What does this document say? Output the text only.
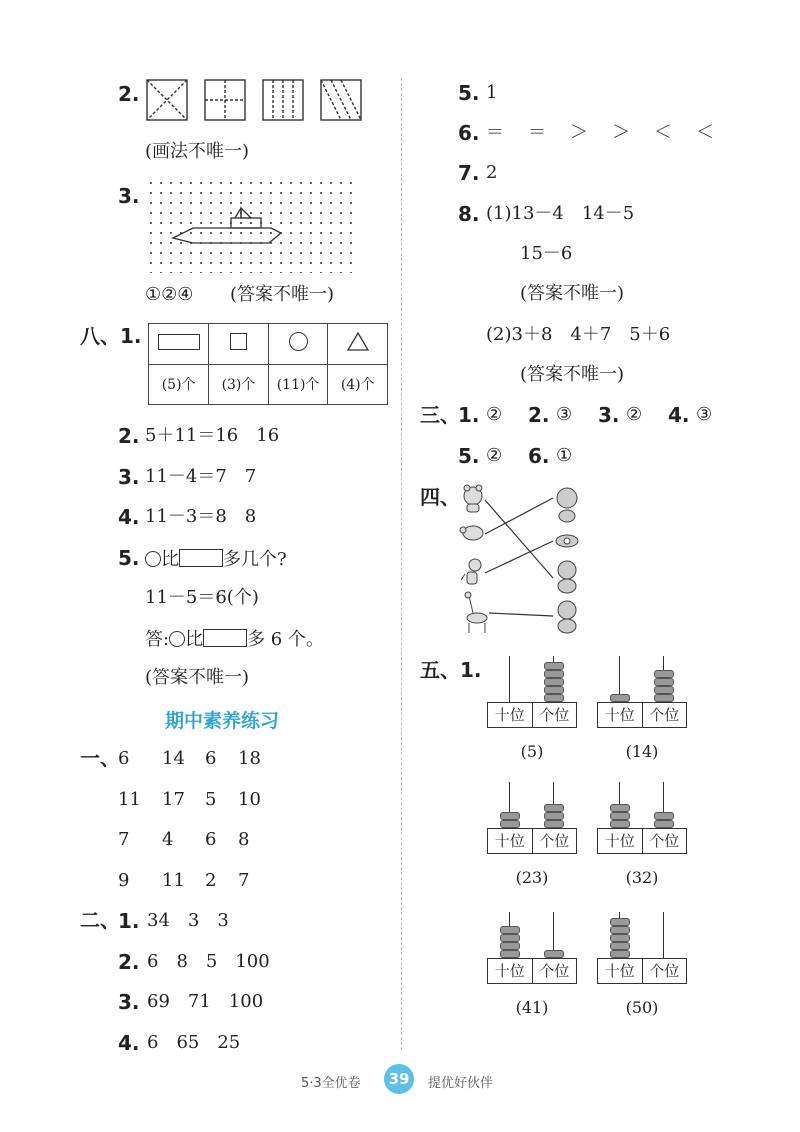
2.
(画法不唯一)
3.
①②④ (答案不唯一)
八、1.

(5)个	(3)个	(11)个	(4)个
2. 5＋11＝16　16
3. 11－4＝7　7
4. 11－3＝8　8
5.	比 多几个?
11－5＝6(个)
答: 比 多 6 个。
(答案不唯一)
期中素养练习
一、
6 14 6 18
11 17 5 10
7 4 6 8
9 11 2 7
二、
1. 34　3　3
2. 6　8　5　100
3. 69　71　100
4. 6　65　25
5. 1
6. ＝　＝　＞　＞　＜　＜
7. 2
8. (1)13－4　14－5
15－6
(答案不唯一)
(2)3＋8　4＋7　5＋6
(答案不唯一)
三、
1. ② 2. ③ 3. ② 4. ③
5. ② 6. ①
四、
五、1.
十位 个位
(5)
十位 个位
(14)
十位 个位
(23)
十位 个位
(32)
十位 个位
(41)
十位 个位
(50)
5·3全优卷	39	提优好伙伴
